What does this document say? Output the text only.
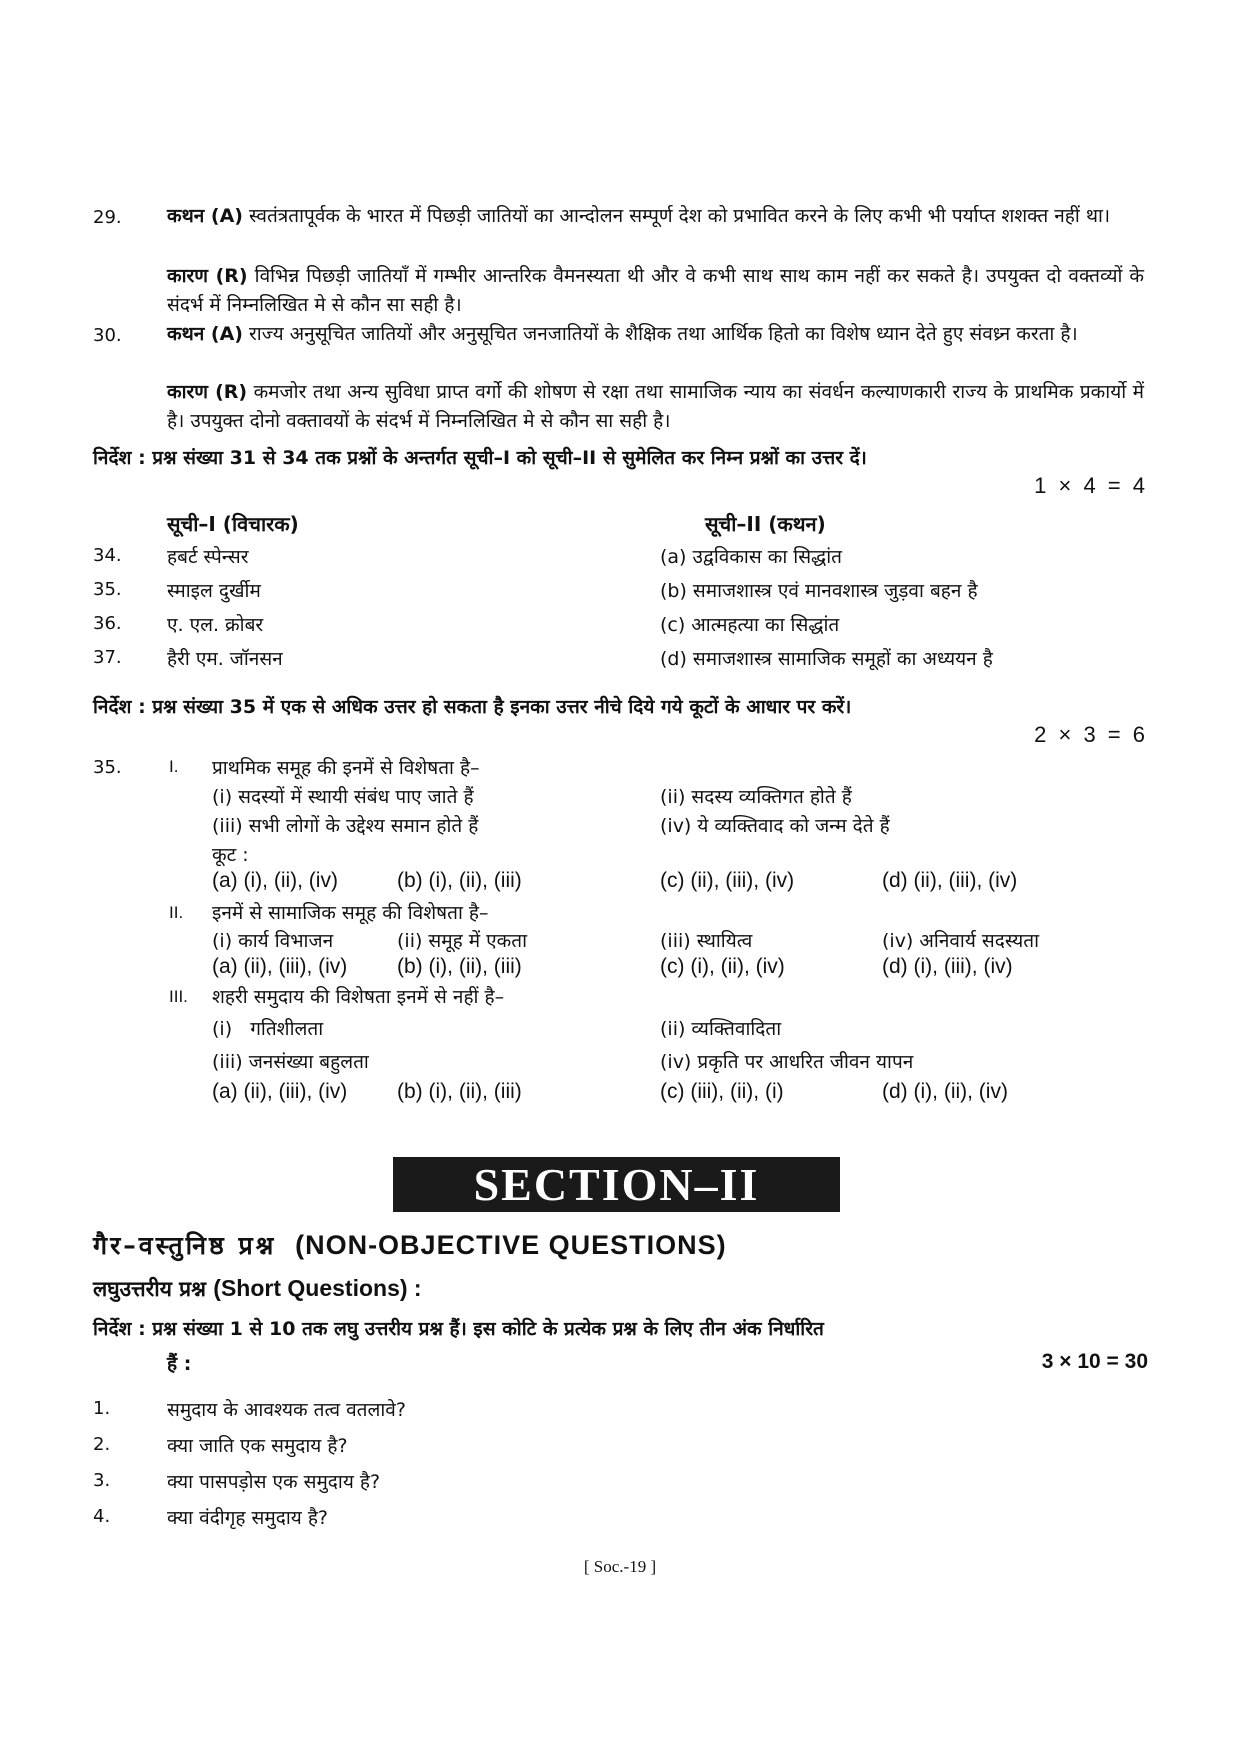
29. कथन (A) स्वतंत्रतापूर्वक के भारत में पिछड़ी जातियों का आन्दोलन सम्पूर्ण देश को प्रभावित करने के लिए कभी भी पर्याप्त शशक्त नहीं था।
कारण (R) विभिन्न पिछड़ी जातियाँ में गम्भीर आन्तरिक वैमनस्यता थी और वे कभी साथ साथ काम नहीं कर सकते है। उपयुक्त दो वक्तव्यों के संदर्भ में निम्नलिखित मे से कौन सा सही है।
30. कथन (A) राज्य अनुसूचित जातियों और अनुसूचित जनजातियों के शैक्षिक तथा आर्थिक हितो का विशेष ध्यान देते हुए संवध्र्न करता है।
कारण (R) कमजोर तथा अन्य सुविधा प्राप्त वर्गो की शोषण से रक्षा तथा सामाजिक न्याय का संवर्धन कल्याणकारी राज्य के प्राथमिक प्रकार्यो में है। उपयुक्त दोनो वक्तावयों के संदर्भ में निम्नलिखित मे से कौन सा सही है।
निर्देश : प्रश्न संख्या 31 से 34 तक प्रश्नों के अन्तर्गत सूची–I को सूची–II से सुमेलित कर निम्न प्रश्नों का उत्तर दें।
1 × 4 = 4
सूची–I (विचारक)	सूची–II (कथन)
34. हबर्ट स्पेन्सर	(a) उद्वविकास का सिद्धांत
35. स्माइल दुर्खीम	(b) समाजशास्त्र एवं मानवशास्त्र जुड़वा बहन है
36. ए. एल. क्रोबर	(c) आत्महत्या का सिद्धांत
37. हैरी एम. जॉनसन	(d) समाजशास्त्र सामाजिक समूहों का अध्ययन है
निर्देश : प्रश्न संख्या 35 में एक से अधिक उत्तर हो सकता है इनका उत्तर नीचे दिये गये कूटों के आधार पर करें।
2 × 3 = 6
35.	I. प्राथमिक समूह की इनमें से विशेषता है–
(i) सदस्यों में स्थायी संबंध पाए जाते हैं	(ii) सदस्य व्यक्तिगत होते हैं
(iii) सभी लोगों के उद्देश्य समान होते हैं	(iv) ये व्यक्तिवाद को जन्म देते हैं
कूट :
(a) (i), (ii), (iv)	(b) (i), (ii), (iii)	(c) (ii), (iii), (iv)	(d) (ii), (iii), (iv)
II. इनमें से सामाजिक समूह की विशेषता है–
(i) कार्य विभाजन	(ii) समूह में एकता	(iii) स्थायित्व	(iv) अनिवार्य सदस्यता
(a) (ii), (iii), (iv) (b) (i), (ii), (iii)	(c) (i), (ii), (iv)	(d) (i), (iii), (iv)
III. शहरी समुदाय की विशेषता इनमें से नहीं है–
(i)   गतिशीलता	(ii) व्यक्तिवादिता
(iii) जनसंख्या बहुलता	(iv) प्रकृति पर आधरित जीवन यापन
(a) (ii), (iii), (iv) (b) (i), (ii), (iii)	(c) (iii), (ii), (i)	(d) (i), (ii), (iv)
SECTION–II
गैर–वस्तुनिष्ठ प्रश्न (NON-OBJECTIVE QUESTIONS)
लघुउत्तरीय प्रश्न (Short Questions) :
निर्देश : प्रश्न संख्या 1 से 10 तक लघु उत्तरीय प्रश्न हैं। इस कोटि के प्रत्येक प्रश्न के लिए तीन अंक निर्धारित
हैं :	3 × 10 = 30
1.	समुदाय के आवश्यक तत्व वतलावे?
2.	क्या जाति एक समुदाय है?
3.	क्या पासपड़ोस एक समुदाय है?
4.	क्या वंदीगृह समुदाय है?
[ Soc.-19 ]
